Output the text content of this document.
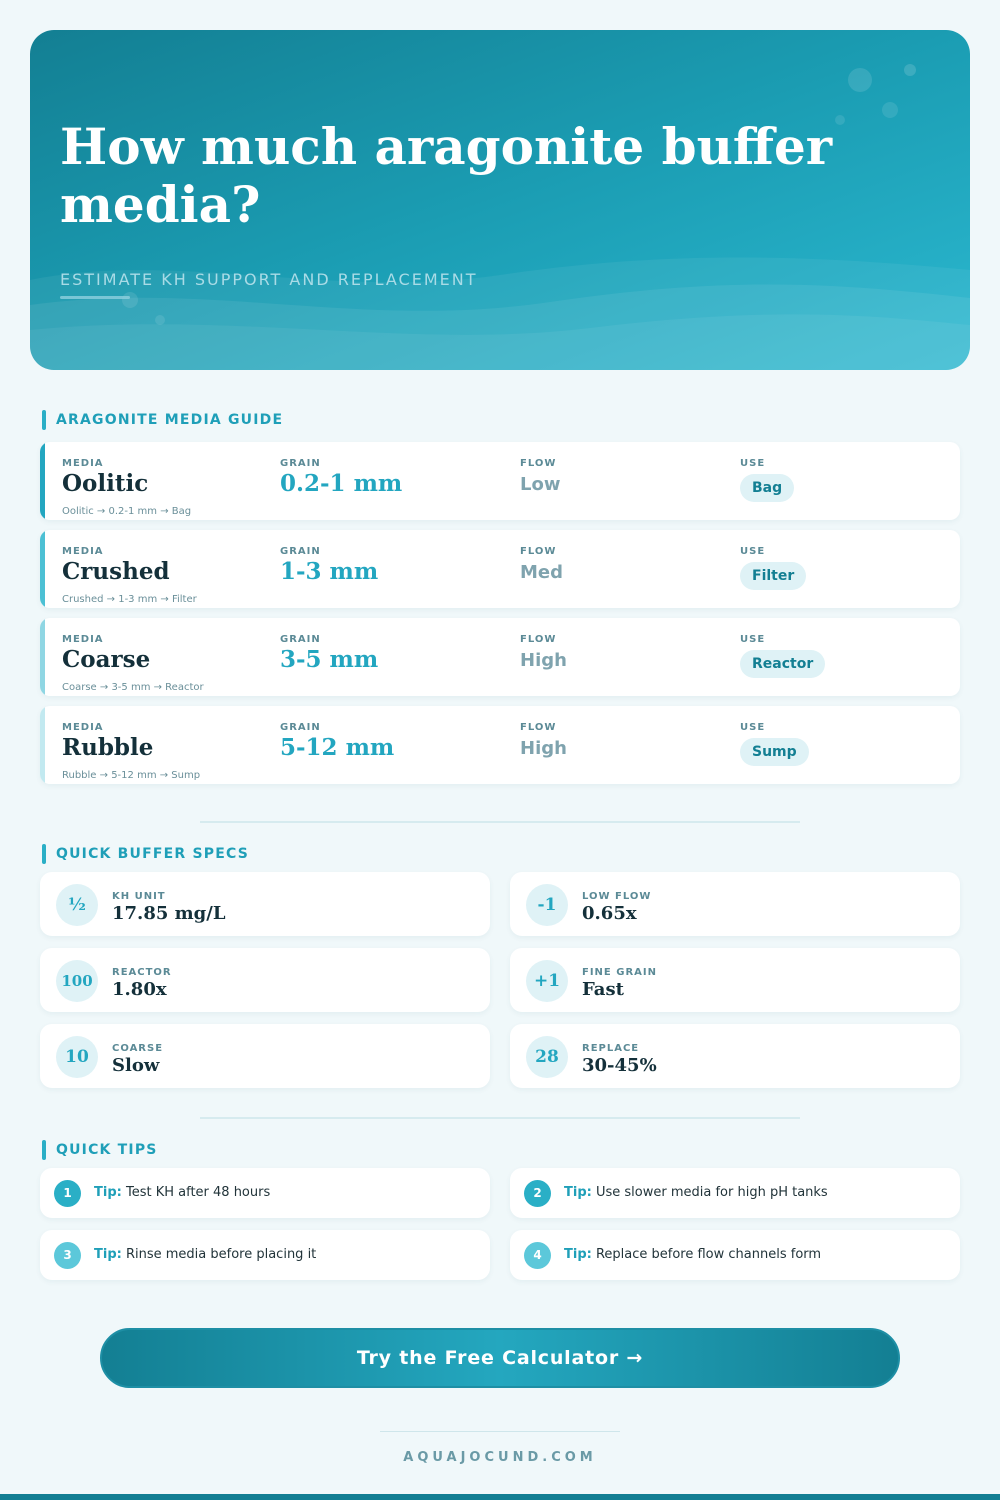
How much aragonite buffer media?
ESTIMATE KH SUPPORT AND REPLACEMENT
ARAGONITE MEDIA GUIDE
MEDIA	GRAIN	FLOW	USE
Oolitic	0.2-1 mm	Low	Bag
Oolitic → 0.2-1 mm → Bag
MEDIA	GRAIN	FLOW	USE
Crushed	1-3 mm	Med	Filter
Crushed → 1-3 mm → Filter
MEDIA	GRAIN	FLOW	USE
Coarse	3-5 mm	High	Reactor
Coarse → 3-5 mm → Reactor
MEDIA	GRAIN	FLOW	USE
Rubble	5-12 mm	High	Sump
Rubble → 5-12 mm → Sump
QUICK BUFFER SPECS
½	KH UNIT
17.85 mg/L	-1	LOW FLOW
0.65x
100	REACTOR
1.80x	+1	FINE GRAIN
Fast
10	COARSE
Slow	28	REPLACE
30-45%
QUICK TIPS
1	Tip: Test KH after 48 hours	2	Tip: Use slower media for high pH tanks
3	Tip: Rinse media before placing it	4	Tip: Replace before flow channels form
Try the Free Calculator →
AQUAJOCUND.COM
